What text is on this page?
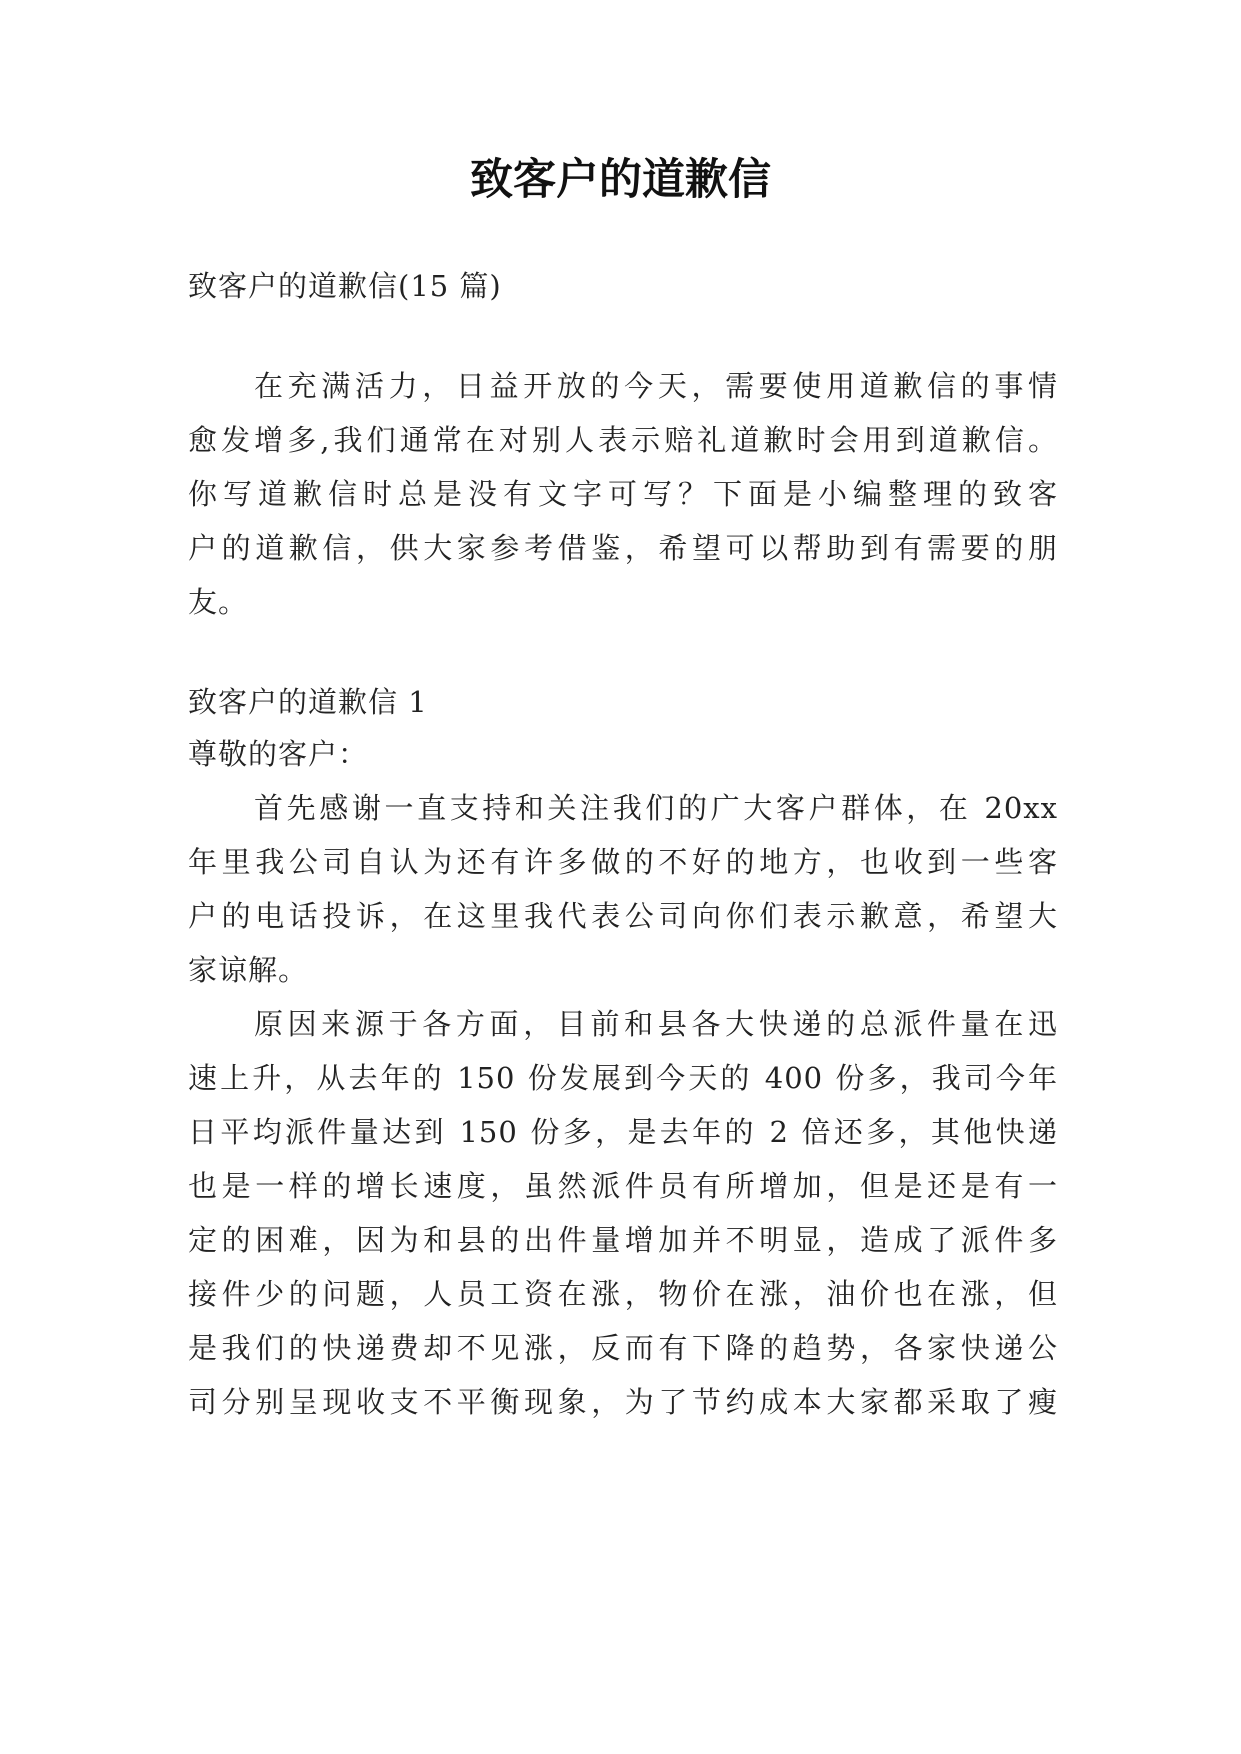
致客户的道歉信
致客户的道歉信(15 篇)
在充满活力，日益开放的今天，需要使用道歉信的事情
愈发增多,我们通常在对别人表示赔礼道歉时会用到道歉信。
你写道歉信时总是没有文字可写？下面是小编整理的致客
户的道歉信，供大家参考借鉴，希望可以帮助到有需要的朋
友。
致客户的道歉信 1
尊敬的客户：
首先感谢一直支持和关注我们的广大客户群体，在 20xx
年里我公司自认为还有许多做的不好的地方，也收到一些客
户的电话投诉，在这里我代表公司向你们表示歉意，希望大
家谅解。
原因来源于各方面，目前和县各大快递的总派件量在迅
速上升，从去年的 150 份发展到今天的 400 份多，我司今年
日平均派件量达到 150 份多，是去年的 2 倍还多，其他快递
也是一样的增长速度，虽然派件员有所增加，但是还是有一
定的困难，因为和县的出件量增加并不明显，造成了派件多
接件少的问题，人员工资在涨，物价在涨，油价也在涨，但
是我们的快递费却不见涨，反而有下降的趋势，各家快递公
司分别呈现收支不平衡现象，为了节约成本大家都采取了瘦
